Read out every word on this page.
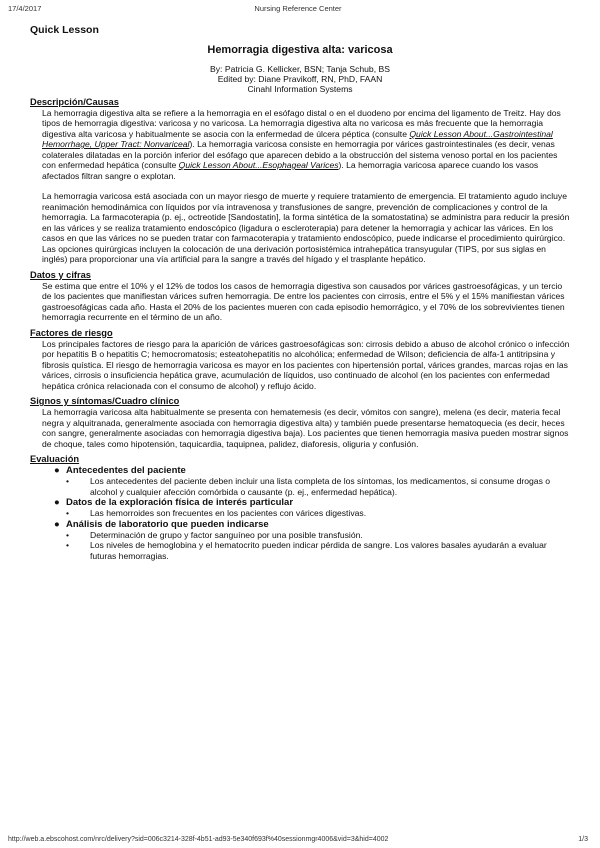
17/4/2017	Nursing Reference Center
Quick Lesson
Hemorragia digestiva alta: varicosa
By: Patricia G. Kellicker, BSN; Tanja Schub, BS
Edited by: Diane Pravikoff, RN, PhD, FAAN
Cinahl Information Systems
Descripción/Causas
La hemorragia digestiva alta se refiere a la hemorragia en el esófago distal o en el duodeno por encima del ligamento de Treitz. Hay dos tipos de hemorragia digestiva: varicosa y no varicosa. La hemorragia digestiva alta no varicosa es más frecuente que la hemorragia digestiva alta varicosa y habitualmente se asocia con la enfermedad de úlcera péptica (consulte Quick Lesson About...Gastrointestinal Hemorrhage, Upper Tract: Nonvariceal). La hemorragia varicosa consiste en hemorragia por várices gastrointestinales (es decir, venas colaterales dilatadas en la porción inferior del esófago que aparecen debido a la obstrucción del sistema venoso portal en los pacientes con enfermedad hepática (consulte Quick Lesson About...Esophageal Varices). La hemorragia varicosa aparece cuando los vasos afectados filtran sangre o explotan.
La hemorragia varicosa está asociada con un mayor riesgo de muerte y requiere tratamiento de emergencia. El tratamiento agudo incluye reanimación hemodinámica con líquidos por vía intravenosa y transfusiones de sangre, prevención de complicaciones y control de la hemorragia. La farmacoterapia (p. ej., octreotide [Sandostatin], la forma sintética de la somatostatina) se administra para reducir la presión en las várices y se realiza tratamiento endoscópico (ligadura o escleroterapia) para detener la hemorragia y achicar las várices. En los casos en que las várices no se pueden tratar con farmacoterapia y tratamiento endoscópico, puede indicarse el procedimiento quirúrgico. Las opciones quirúrgicas incluyen la colocación de una derivación portosistémica intrahepática transyugular (TIPS, por sus siglas en inglés) para proporcionar una vía artificial para la sangre a través del hígado y el trasplante hepático.
Datos y cifras
Se estima que entre el 10% y el 12% de todos los casos de hemorragia digestiva son causados por várices gastroesofágicas, y un tercio de los pacientes que manifiestan várices sufren hemorragia. De entre los pacientes con cirrosis, entre el 5% y el 15% manifiestan várices gastroesofágicas cada año. Hasta el 20% de los pacientes mueren con cada episodio hemorrágico, y el 70% de los sobrevivientes tienen hemorragia recurrente en el término de un año.
Factores de riesgo
Los principales factores de riesgo para la aparición de várices gastroesofágicas son: cirrosis debido a abuso de alcohol crónico o infección por hepatitis B o hepatitis C; hemocromatosis; esteatohepatitis no alcohólica; enfermedad de Wilson; deficiencia de alfa-1 antitripsina y fibrosis quística. El riesgo de hemorragia varicosa es mayor en los pacientes con hipertensión portal, várices grandes, marcas rojas en las várices, cirrosis o insuficiencia hepática grave, acumulación de líquidos, uso continuado de alcohol (en los pacientes con enfermedad hepática crónica relacionada con el consumo de alcohol) y reflujo ácido.
Signos y síntomas/Cuadro clínico
La hemorragia varicosa alta habitualmente se presenta con hematemesis (es decir, vómitos con sangre), melena (es decir, materia fecal negra y alquitranada, generalmente asociada con hemorragia digestiva alta) y también puede presentarse hematoquecia (es decir, heces con sangre, generalmente asociadas con hemorragia digestiva baja). Los pacientes que tienen hemorragia masiva pueden mostrar signos de choque, tales como hipotensión, taquicardia, taquipnea, palidez, diaforesis, oliguria y confusión.
Evaluación
● Antecedentes del paciente
• Los antecedentes del paciente deben incluir una lista completa de los síntomas, los medicamentos, si consume drogas o alcohol y cualquier afección comórbida o causante (p. ej., enfermedad hepática).
● Datos de la exploración física de interés particular
• Las hemorroides son frecuentes en los pacientes con várices digestivas.
● Análisis de laboratorio que pueden indicarse
• Determinación de grupo y factor sanguíneo por una posible transfusión.
• Los niveles de hemoglobina y el hematocrito pueden indicar pérdida de sangre. Los valores basales ayudarán a evaluar futuras hemorragias.
http://web.a.ebscohost.com/nrc/delivery?sid=006c3214-328f-4b51-ad93-5e340f693f%40sessionmgr4006&vid=3&hid=4002	1/3
